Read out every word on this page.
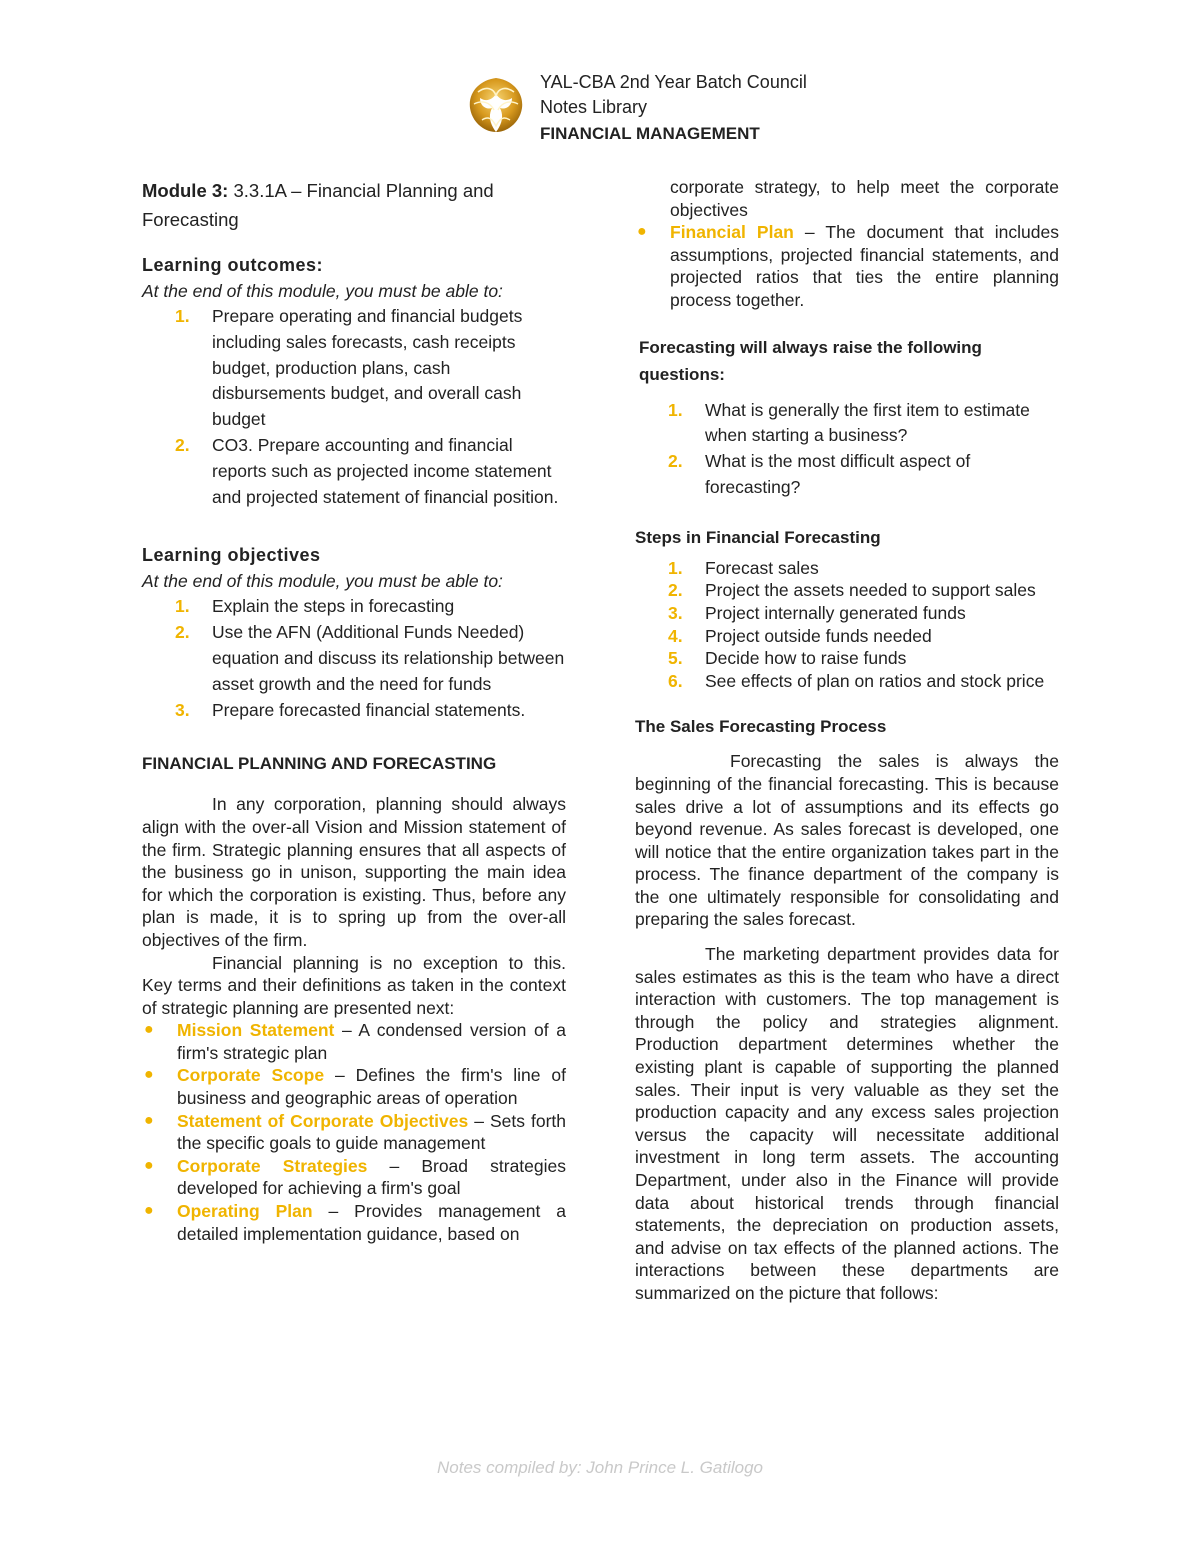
YAL-CBA 2nd Year Batch Council
Notes Library
FINANCIAL MANAGEMENT

Module 3: 3.3.1A – Financial Planning and Forecasting

Learning outcomes:

At the end of this module, you must be able to:

1. Prepare operating and financial budgets including sales forecasts, cash receipts budget, production plans, cash disbursements budget, and overall cash budget
2. CO3. Prepare accounting and financial reports such as projected income statement and projected statement of financial position.
Learning objectives

At the end of this module, you must be able to:

1. Explain the steps in forecasting
2. Use the AFN (Additional Funds Needed) equation and discuss its relationship between asset growth and the need for funds
3. Prepare forecasted financial statements.
FINANCIAL PLANNING AND FORECASTING

In any corporation, planning should always align with the over-all Vision and Mission statement of the firm. Strategic planning ensures that all aspects of the business go in unison, supporting the main idea for which the corporation is existing. Thus, before any plan is made, it is to spring up from the over-all objectives of the firm.

Financial planning is no exception to this. Key terms and their definitions as taken in the context of strategic planning are presented next:

● Mission Statement – A condensed version of a firm's strategic plan
● Corporate Scope – Defines the firm's line of business and geographic areas of operation
● Statement of Corporate Objectives – Sets forth the specific goals to guide management
● Corporate Strategies – Broad strategies developed for achieving a firm's goal
● Operating Plan – Provides management a detailed implementation guidance, based on

corporate strategy, to help meet the corporate objectives

● Financial Plan – The document that includes assumptions, projected financial statements, and projected ratios that ties the entire planning process together.
Forecasting will always raise the following questions:
1. What is generally the first item to estimate when starting a business?
2. What is the most difficult aspect of forecasting?
Steps in Financial Forecasting
1. Forecast sales
2. Project the assets needed to support sales
3. Project internally generated funds
4. Project outside funds needed
5. Decide how to raise funds
6. See effects of plan on ratios and stock price
The Sales Forecasting Process

Forecasting the sales is always the beginning of the financial forecasting. This is because sales drive a lot of assumptions and its effects go beyond revenue. As sales forecast is developed, one will notice that the entire organization takes part in the process. The finance department of the company is the one ultimately responsible for consolidating and preparing the sales forecast.

The marketing department provides data for sales estimates as this is the team who have a direct interaction with customers. The top management is through the policy and strategies alignment. Production department determines whether the existing plant is capable of supporting the planned sales. Their input is very valuable as they set the production capacity and any excess sales projection versus the capacity will necessitate additional investment in long term assets. The accounting Department, under also in the Finance will provide data about historical trends through financial statements, the depreciation on production assets, and advise on tax effects of the planned actions. The interactions between these departments are summarized on the picture that follows:

Notes compiled by: John Prince L. Gatilogo
